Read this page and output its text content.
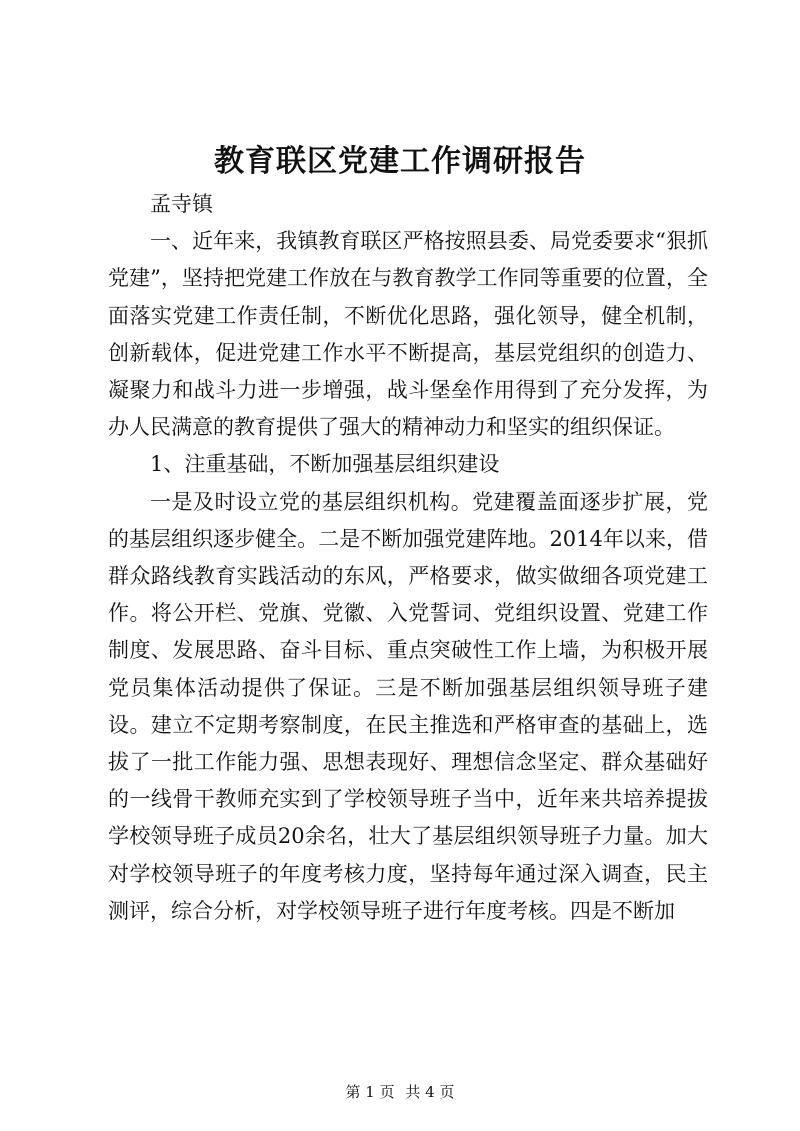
教育联区党建工作调研报告

孟寺镇

一、近年来，我镇教育联区严格按照县委、局党委要求“狠抓党建”，坚持把党建工作放在与教育教学工作同等重要的位置，全面落实党建工作责任制，不断优化思路，强化领导，健全机制，创新载体，促进党建工作水平不断提高，基层党组织的创造力、凝聚力和战斗力进一步增强，战斗堡垒作用得到了充分发挥，为办人民满意的教育提供了强大的精神动力和坚实的组织保证。

1、注重基础，不断加强基层组织建设

一是及时设立党的基层组织机构。党建覆盖面逐步扩展，党的基层组织逐步健全。二是不断加强党建阵地。2014年以来，借群众路线教育实践活动的东风，严格要求，做实做细各项党建工作。将公开栏、党旗、党徽、入党誓词、党组织设置、党建工作制度、发展思路、奋斗目标、重点突破性工作上墙，为积极开展党员集体活动提供了保证。三是不断加强基层组织领导班子建设。建立不定期考察制度，在民主推选和严格审查的基础上，选拔了一批工作能力强、思想表现好、理想信念坚定、群众基础好的一线骨干教师充实到了学校领导班子当中，近年来共培养提拔学校领导班子成员20余名，壮大了基层组织领导班子力量。加大对学校领导班子的年度考核力度，坚持每年通过深入调查，民主测评，综合分析，对学校领导班子进行年度考核。四是不断加

第 1 页 共 4 页
